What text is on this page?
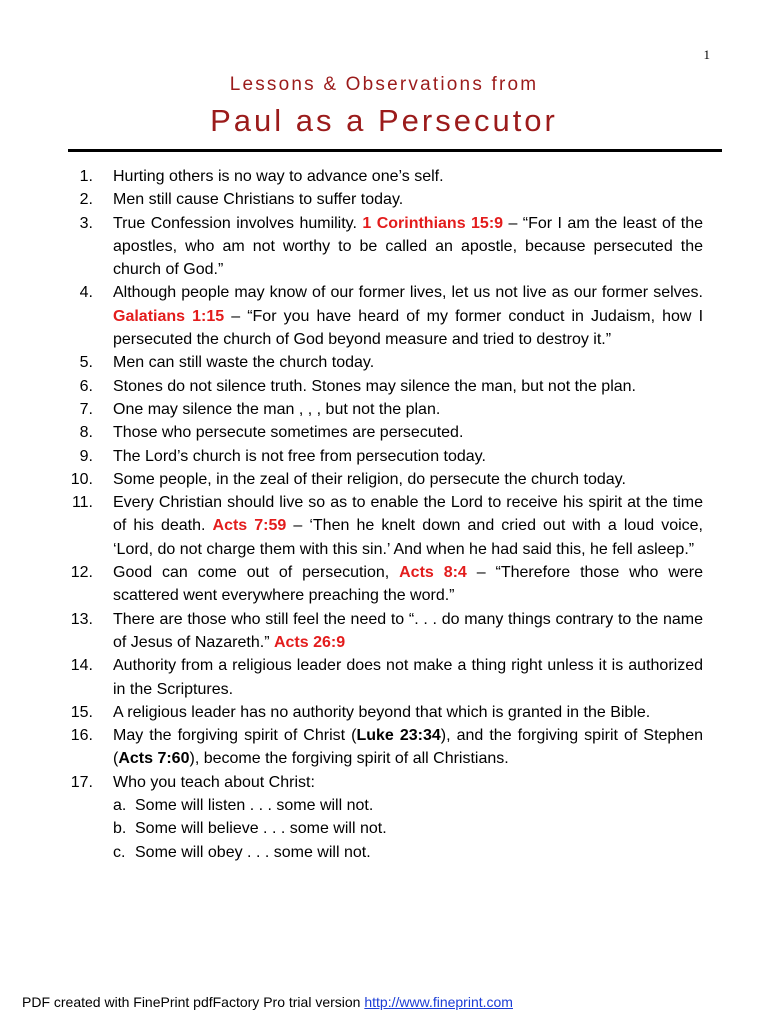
1
Lessons & Observations from
Paul as a Persecutor
1. Hurting others is no way to advance one’s self.
2. Men still cause Christians to suffer today.
3. True Confession involves humility. 1 Corinthians 15:9 – “For I am the least of the apostles, who am not worthy to be called an apostle, because persecuted the church of God.”
4. Although people may know of our former lives, let us not live as our former selves. Galatians 1:15 – “For you have heard of my former conduct in Judaism, how I persecuted the church of God beyond measure and tried to destroy it.”
5. Men can still waste the church today.
6. Stones do not silence truth. Stones may silence the man, but not the plan.
7. One may silence the man , , , but not the plan.
8. Those who persecute sometimes are persecuted.
9. The Lord’s church is not free from persecution today.
10. Some people, in the zeal of their religion, do persecute the church today.
11. Every Christian should live so as to enable the Lord to receive his spirit at the time of his death. Acts 7:59 – ‘Then he knelt down and cried out with a loud voice, ‘Lord, do not charge them with this sin.’ And when he had said this, he fell asleep.”
12. Good can come out of persecution, Acts 8:4 – “Therefore those who were scattered went everywhere preaching the word.”
13. There are those who still feel the need to “. . . do many things contrary to the name of Jesus of Nazareth.” Acts 26:9
14. Authority from a religious leader does not make a thing right unless it is authorized in the Scriptures.
15. A religious leader has no authority beyond that which is granted in the Bible.
16. May the forgiving spirit of Christ (Luke 23:34), and the forgiving spirit of Stephen (Acts 7:60), become the forgiving spirit of all Christians.
17. Who you teach about Christ:
a. Some will listen . . . some will not.
b. Some will believe . . . some will not.
c. Some will obey . . . some will not.
PDF created with FinePrint pdfFactory Pro trial version http://www.fineprint.com
